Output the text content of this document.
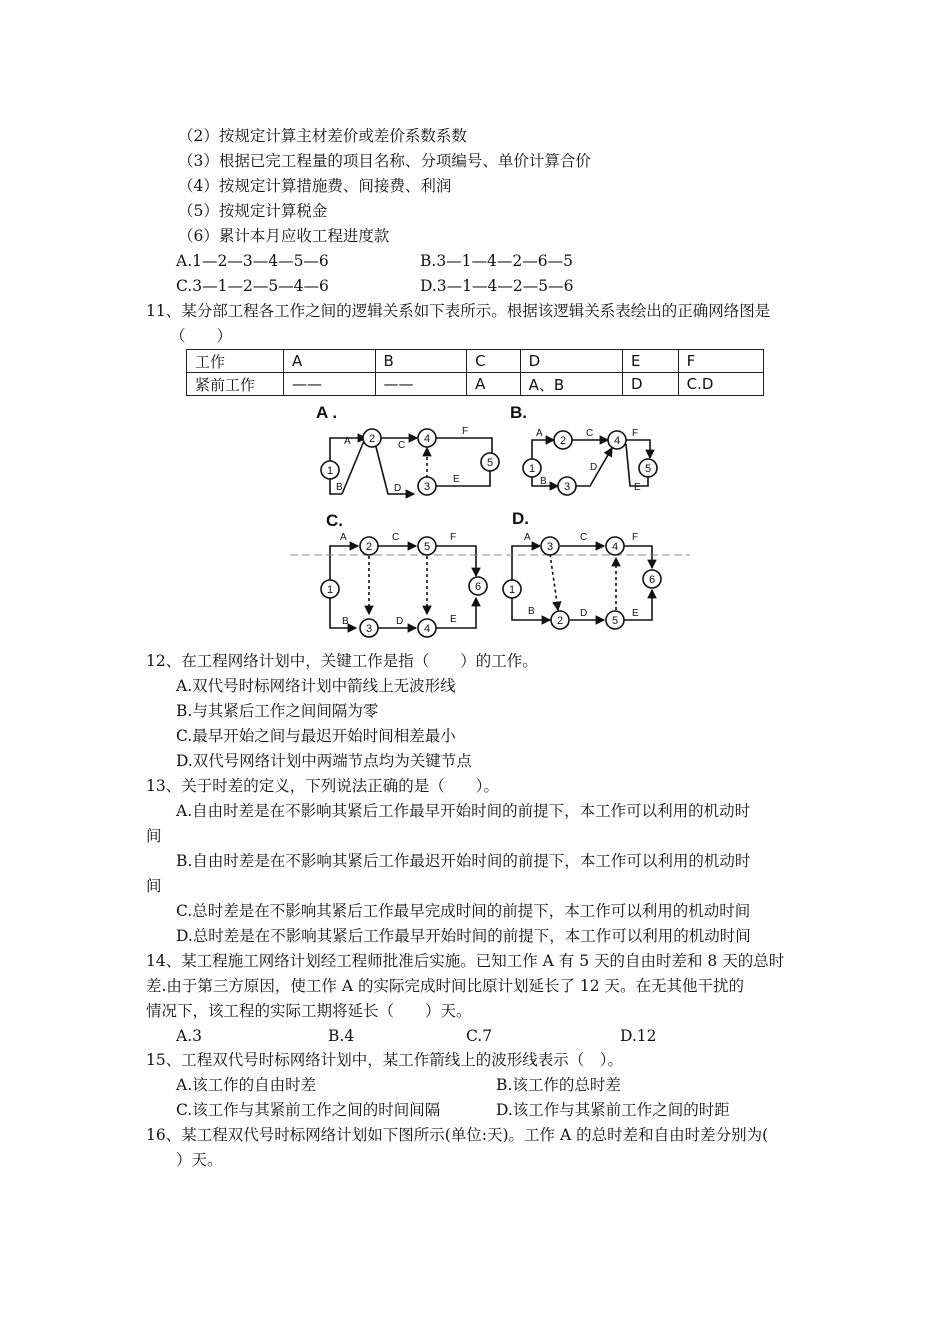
（2）按规定计算主材差价或差价系数系数
（3）根据已完工程量的项目名称、分项编号、单价计算合价
（4）按规定计算措施费、间接费、利润
（5）按规定计算税金
（6）累计本月应收工程进度款
A.1—2—3—4—5—6	B.3—1—4—2—6—5
C.3—1—2—5—4—6	D.3—1—4—2—5—6
11、某分部工程各工作之间的逻辑关系如下表所示。根据该逻辑关系表绘出的正确网络图是
（　　）
工作	A	B	C	D	E	F
紧前工作	——	——	A	A、B	D	C.D
1
2	4
3
5	1
2
3
4
5
1
2	5
3	4
6	1
3	4
2	5
6
A
B
C
D
E
F	A
B
C
D
E
F
A
B
C
D	E
F	A
B
C
D	E
F
A .	B.
C.	D.
12、在工程网络计划中，关键工作是指（　　）的工作。
A.双代号时标网络计划中箭线上无波形线
B.与其紧后工作之间间隔为零
C.最早开始之间与最迟开始时间相差最小
D.双代号网络计划中两端节点均为关键节点
13、关于时差的定义，下列说法正确的是（　　）。
A.自由时差是在不影响其紧后工作最早开始时间的前提下，本工作可以利用的机动时
间
B.自由时差是在不影响其紧后工作最迟开始时间的前提下，本工作可以利用的机动时
间
C.总时差是在不影响其紧后工作最早完成时间的前提下，本工作可以利用的机动时间
D.总时差是在不影响其紧后工作最早开始时间的前提下，本工作可以利用的机动时间
14、某工程施工网络计划经工程师批准后实施。已知工作 A 有 5 天的自由时差和 8 天的总时
差.由于第三方原因，使工作 A 的实际完成时间比原计划延长了 12 天。在无其他干扰的
情况下，该工程的实际工期将延长（　　）天。
A.3	B.4	C.7	D.12
15、工程双代号时标网络计划中，某工作箭线上的波形线表示（　）。
A.该工作的自由时差	B.该工作的总时差
C.该工作与其紧前工作之间的时间间隔	D.该工作与其紧前工作之间的时距
16、某工程双代号时标网络计划如下图所示(单位:天)。工作 A 的总时差和自由时差分别为(
）天。
